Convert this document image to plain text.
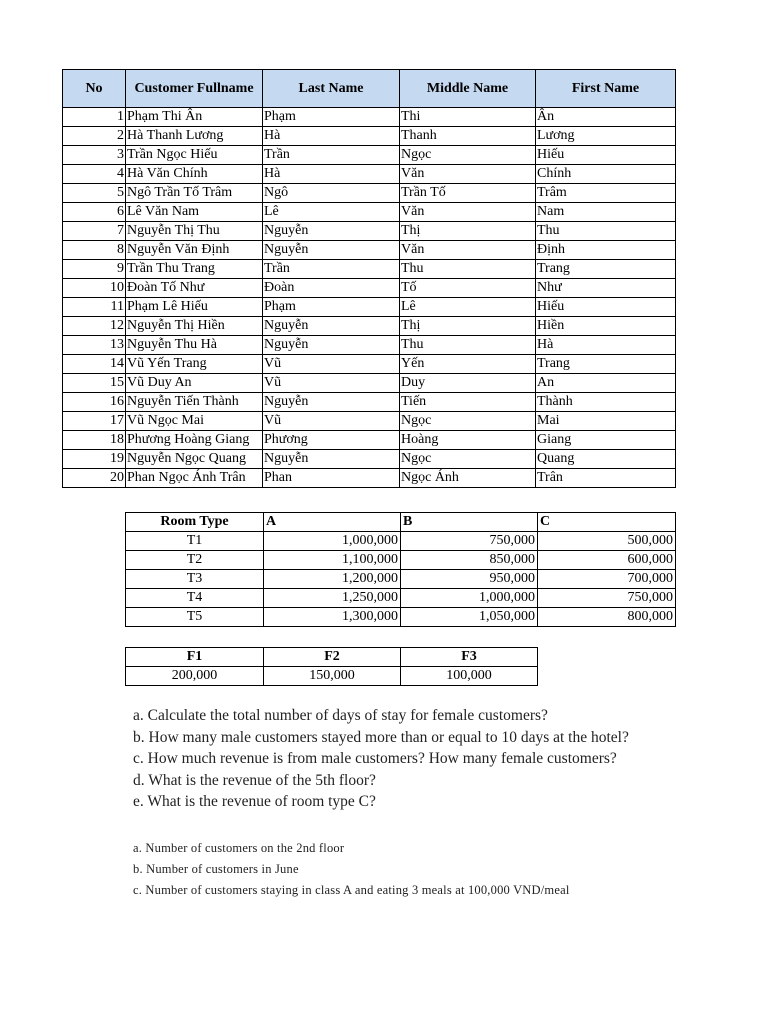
No	Customer Fullname	Last Name	Middle Name	First Name
1	Phạm Thi Ân	Phạm	Thi	Ân
2	Hà Thanh Lương	Hà	Thanh	Lương
3	Trần Ngọc Hiếu	Trần	Ngọc	Hiếu
4	Hà Văn Chính	Hà	Văn	Chính
5	Ngô Trần Tố Trâm	Ngô	Trần Tố	Trâm
6	Lê Văn Nam	Lê	Văn	Nam
7	Nguyễn Thị Thu	Nguyễn	Thị	Thu
8	Nguyễn Văn Định	Nguyễn	Văn	Định
9	Trần Thu Trang	Trần	Thu	Trang
10	Đoàn Tố Như	Đoàn	Tố	Như
11	Phạm Lê Hiếu	Phạm	Lê	Hiếu
12	Nguyễn Thị Hiền	Nguyễn	Thị	Hiền
13	Nguyễn Thu Hà	Nguyễn	Thu	Hà
14	Vũ Yến Trang	Vũ	Yến	Trang
15	Vũ Duy An	Vũ	Duy	An
16	Nguyễn Tiến Thành	Nguyễn	Tiến	Thành
17	Vũ Ngọc Mai	Vũ	Ngọc	Mai
18	Phương Hoàng Giang	Phương	Hoàng	Giang
19	Nguyễn Ngọc Quang	Nguyễn	Ngọc	Quang
20	Phan Ngọc Ánh Trân	Phan	Ngọc Ánh	Trân
Room Type	A	B	C
T1	1,000,000	750,000	500,000
T2	1,100,000	850,000	600,000
T3	1,200,000	950,000	700,000
T4	1,250,000	1,000,000	750,000
T5	1,300,000	1,050,000	800,000
F1	F2	F3
200,000	150,000	100,000
a. Calculate the total number of days of stay for female customers?
b. How many male customers stayed more than or equal to 10 days at the hotel?
c. How much revenue is from male customers? How many female customers?
d. What is the revenue of the 5th floor?
e. What is the revenue of room type C?
a. Number of customers on the 2nd floor
b. Number of customers in June
c. Number of customers staying in class A and eating 3 meals at 100,000 VND/meal
